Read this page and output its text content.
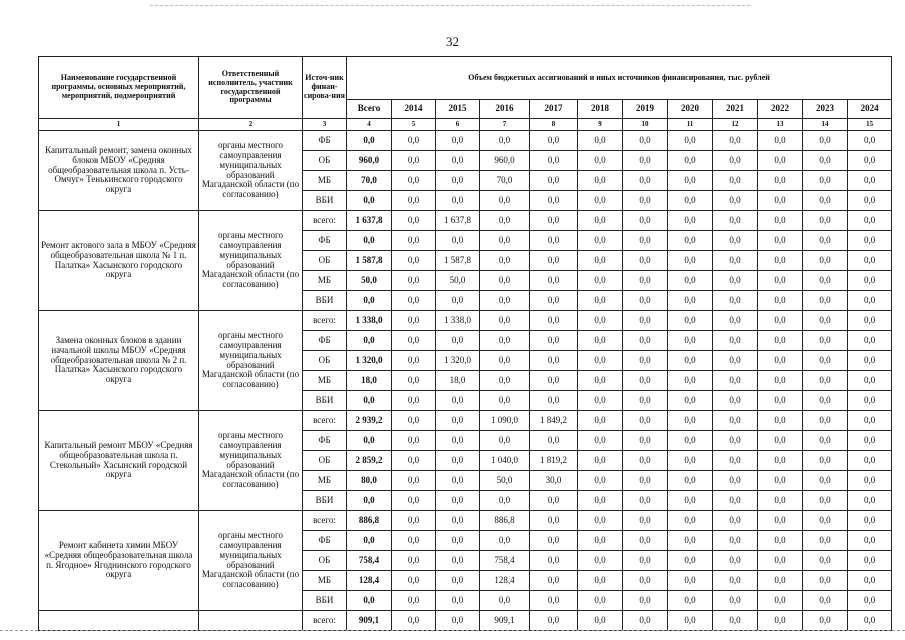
32
Наименование государственной программы, основных мероприятий, мероприятий, подмероприятий	Ответственный исполнитель, участник государственной программы	Источ-ник финан-сирова-ния	Объем бюджетных ассигнований и иных источников финансирования, тыс. рублей											
			Всего	2014	2015	2016	2017	2018	2019	2020	2021	2022	2023	2024
1	2	3	4	5	6	7	8	9	10	11	12	13	14	15
Капитальный ремонт, замена оконных блоков МБОУ «Средняя общеобразовательная школа п. Усть-Омчуг» Тенькинского городского округа	органы местного самоуправления муниципальных образований Магаданской области (по согласованию)	ФБ	0,0	0,0	0,0	0,0	0,0	0,0	0,0	0,0	0,0	0,0	0,0	0,0
		ОБ	960,0	0,0	0,0	960,0	0,0	0,0	0,0	0,0	0,0	0,0	0,0	0,0
		МБ	70,0	0,0	0,0	70,0	0,0	0,0	0,0	0,0	0,0	0,0	0,0	0,0
		ВБИ	0,0	0,0	0,0	0,0	0,0	0,0	0,0	0,0	0,0	0,0	0,0	0,0
Ремонт актового зала в МБОУ «Средняя общеобразовательная школа № 1 п. Палатка» Хасынского городского округа	органы местного самоуправления муниципальных образований Магаданской области (по согласованию)	всего:	1 637,8	0,0	1 637,8	0,0	0,0	0,0	0,0	0,0	0,0	0,0	0,0	0,0
		ФБ	0,0	0,0	0,0	0,0	0,0	0,0	0,0	0,0	0,0	0,0	0,0	0,0
		ОБ	1 587,8	0,0	1 587,8	0,0	0,0	0,0	0,0	0,0	0,0	0,0	0,0	0,0
		МБ	50,0	0,0	50,0	0,0	0,0	0,0	0,0	0,0	0,0	0,0	0,0	0,0
		ВБИ	0,0	0,0	0,0	0,0	0,0	0,0	0,0	0,0	0,0	0,0	0,0	0,0
Замена оконных блоков в здании начальной школы МБОУ «Средняя общеобразовательная школа № 2 п. Палатка» Хасынского городского округа	органы местного самоуправления муниципальных образований Магаданской области (по согласованию)	всего:	1 338,0	0,0	1 338,0	0,0	0,0	0,0	0,0	0,0	0,0	0,0	0,0	0,0
		ФБ	0,0	0,0	0,0	0,0	0,0	0,0	0,0	0,0	0,0	0,0	0,0	0,0
		ОБ	1 320,0	0,0	1 320,0	0,0	0,0	0,0	0,0	0,0	0,0	0,0	0,0	0,0
		МБ	18,0	0,0	18,0	0,0	0,0	0,0	0,0	0,0	0,0	0,0	0,0	0,0
		ВБИ	0,0	0,0	0,0	0,0	0,0	0,0	0,0	0,0	0,0	0,0	0,0	0,0
Капитальный ремонт МБОУ «Средняя общеобразовательная школа п. Стекольный» Хасынский городской округа	органы местного самоуправления муниципальных образований Магаданской области (по согласованию)	всего:	2 939,2	0,0	0,0	1 090,0	1 849,2	0,0	0,0	0,0	0,0	0,0	0,0	0,0
		ФБ	0,0	0,0	0,0	0,0	0,0	0,0	0,0	0,0	0,0	0,0	0,0	0,0
		ОБ	2 859,2	0,0	0,0	1 040,0	1 819,2	0,0	0,0	0,0	0,0	0,0	0,0	0,0
		МБ	80,0	0,0	0,0	50,0	30,0	0,0	0,0	0,0	0,0	0,0	0,0	0,0
		ВБИ	0,0	0,0	0,0	0,0	0,0	0,0	0,0	0,0	0,0	0,0	0,0	0,0
Ремонт кабинета химии МБОУ «Средняя общеобразовательная школа п. Ягодное» Ягоднинского городского округа	органы местного самоуправления муниципальных образований Магаданской области (по согласованию)	всего:	886,8	0,0	0,0	886,8	0,0	0,0	0,0	0,0	0,0	0,0	0,0	0,0
		ФБ	0,0	0,0	0,0	0,0	0,0	0,0	0,0	0,0	0,0	0,0	0,0	0,0
		ОБ	758,4	0,0	0,0	758,4	0,0	0,0	0,0	0,0	0,0	0,0	0,0	0,0
		МБ	128,4	0,0	0,0	128,4	0,0	0,0	0,0	0,0	0,0	0,0	0,0	0,0
		ВБИ	0,0	0,0	0,0	0,0	0,0	0,0	0,0	0,0	0,0	0,0	0,0	0,0
		всего:	909,1	0,0	0,0	909,1	0,0	0,0	0,0	0,0	0,0	0,0	0,0	0,0
